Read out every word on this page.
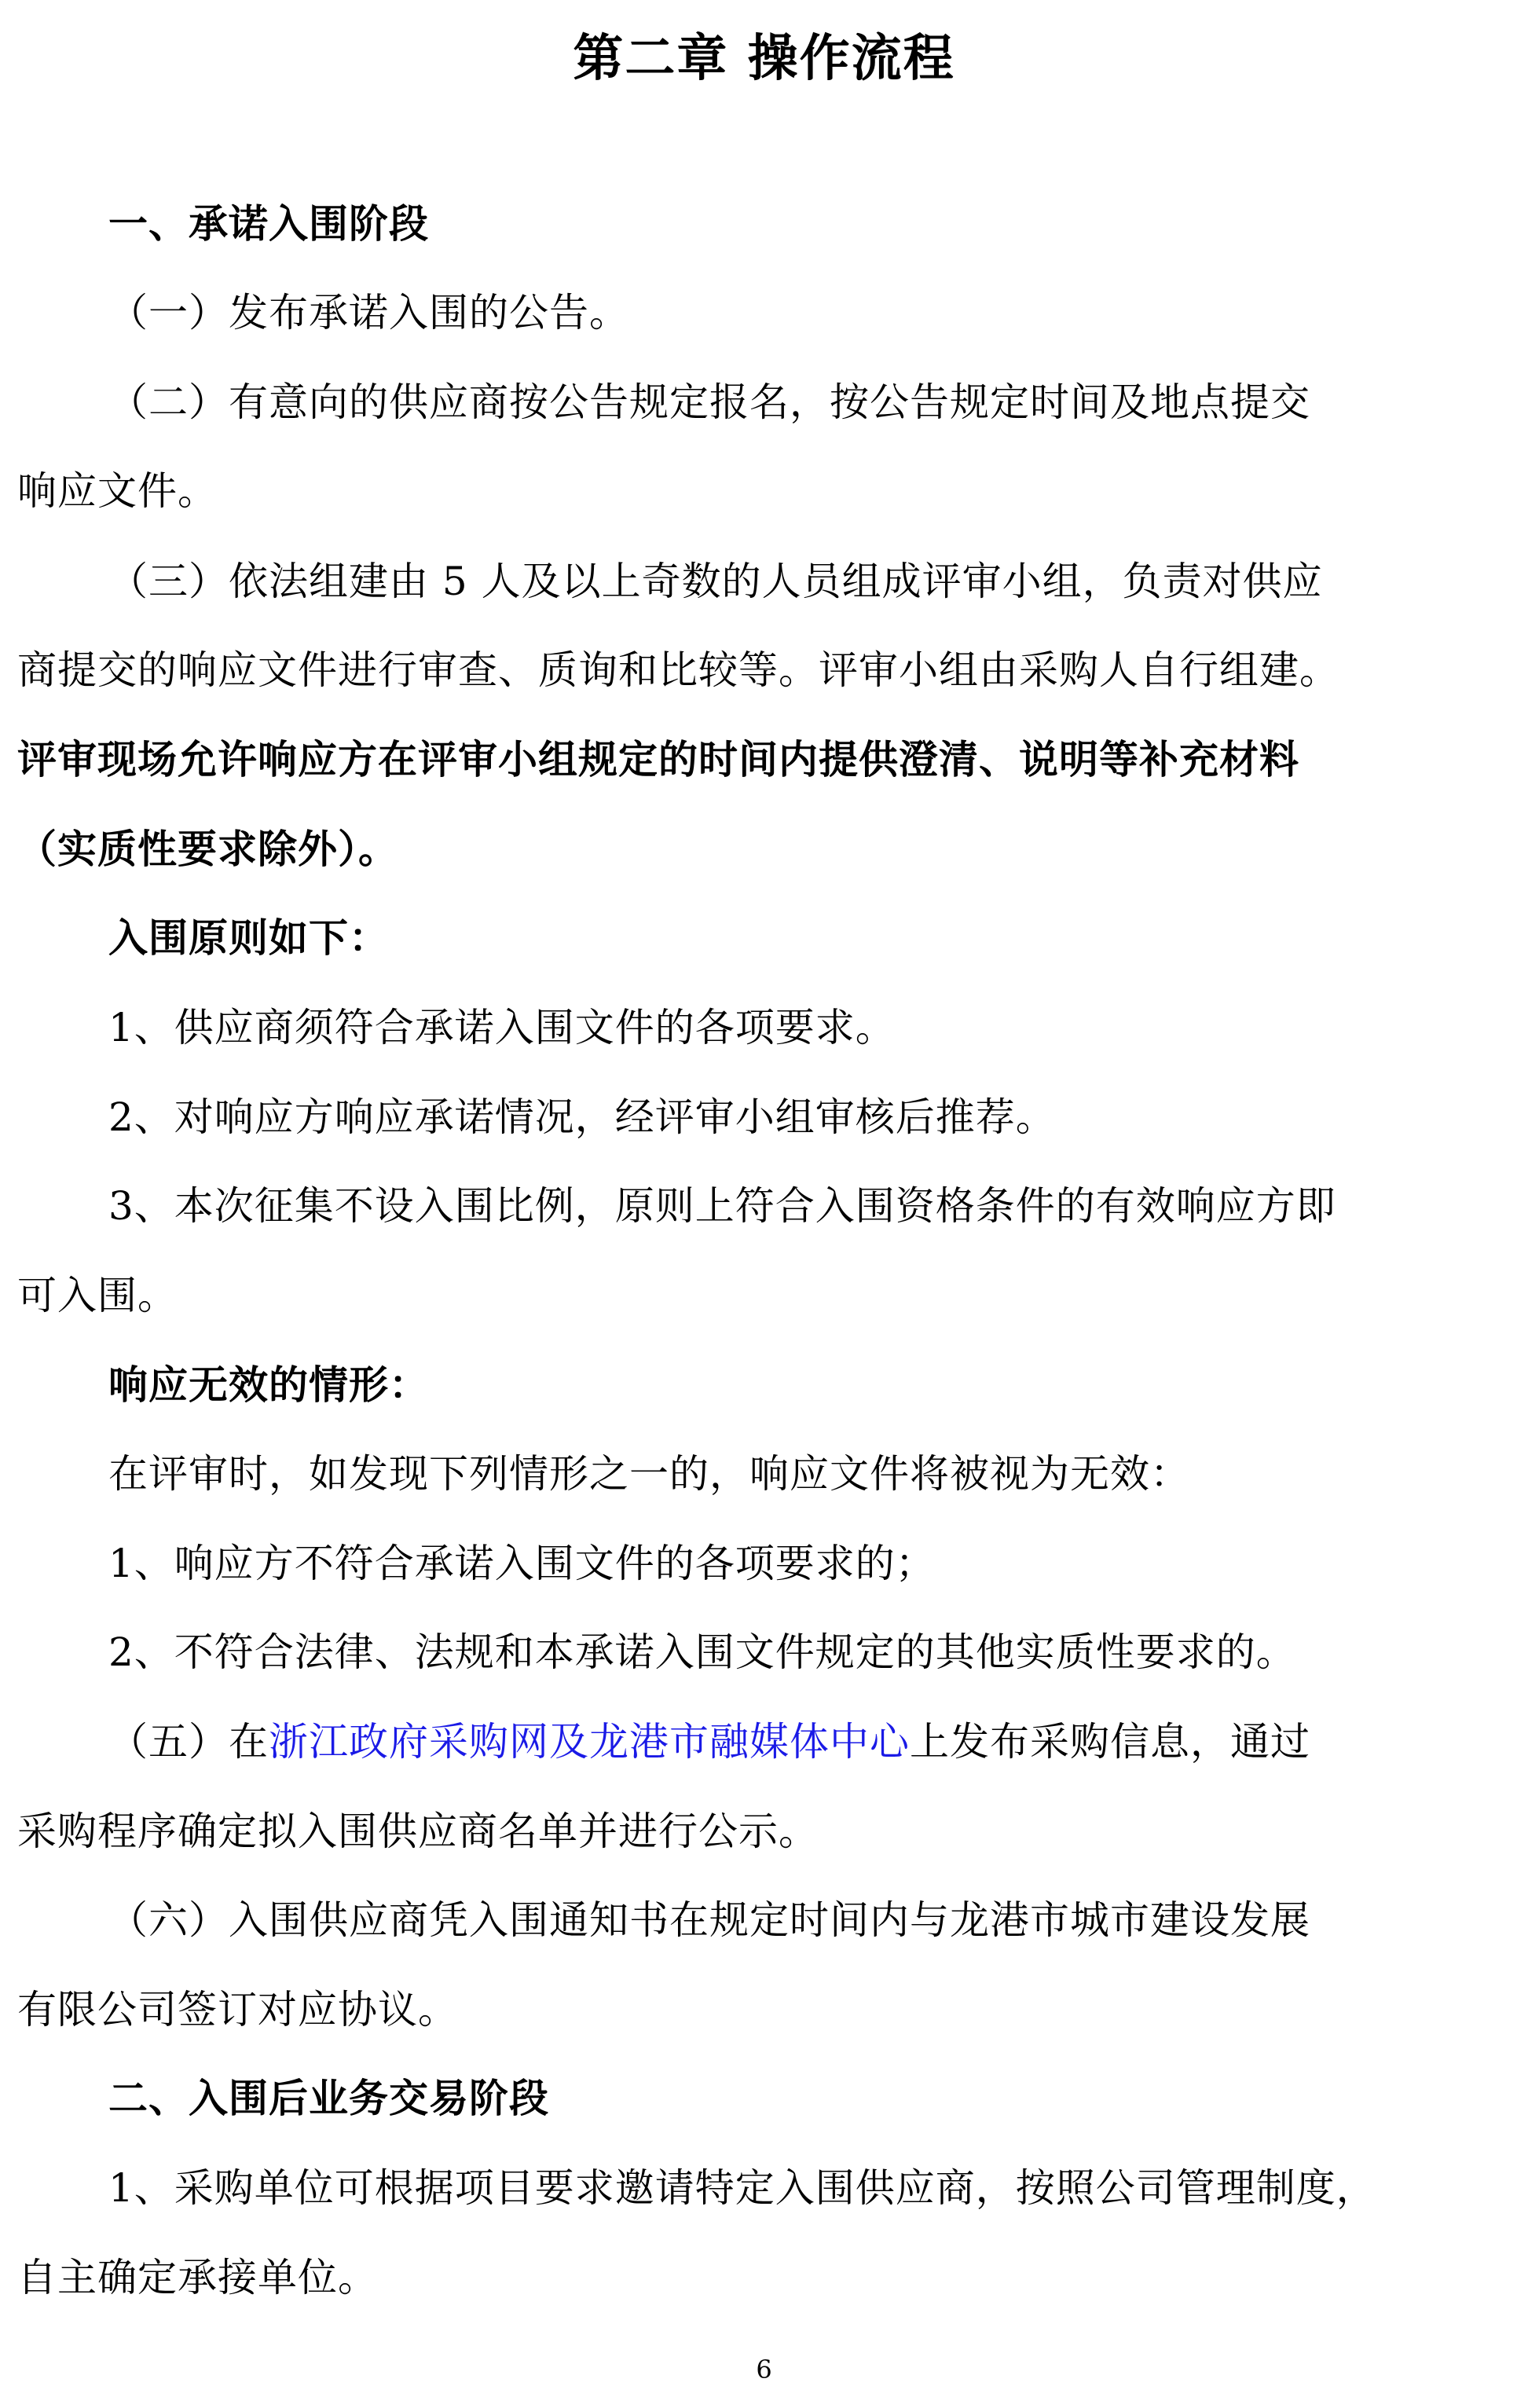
第二章 操作流程
一、承诺入围阶段
（一）发布承诺入围的公告。
（二）有意向的供应商按公告规定报名，按公告规定时间及地点提交
响应文件。
（三）依法组建由 5 人及以上奇数的人员组成评审小组，负责对供应
商提交的响应文件进行审查、质询和比较等。评审小组由采购人自行组建。
评审现场允许响应方在评审小组规定的时间内提供澄清、说明等补充材料
（实质性要求除外）。
入围原则如下：
1、供应商须符合承诺入围文件的各项要求。
2、对响应方响应承诺情况，经评审小组审核后推荐。
3、本次征集不设入围比例，原则上符合入围资格条件的有效响应方即
可入围。
响应无效的情形：
在评审时，如发现下列情形之一的，响应文件将被视为无效：
1、响应方不符合承诺入围文件的各项要求的；
2、不符合法律、法规和本承诺入围文件规定的其他实质性要求的。
（五）在浙江政府采购网及龙港市融媒体中心上发布采购信息，通过
采购程序确定拟入围供应商名单并进行公示。
（六）入围供应商凭入围通知书在规定时间内与龙港市城市建设发展
有限公司签订对应协议。
二、入围后业务交易阶段
1、采购单位可根据项目要求邀请特定入围供应商，按照公司管理制度，
自主确定承接单位。
6
